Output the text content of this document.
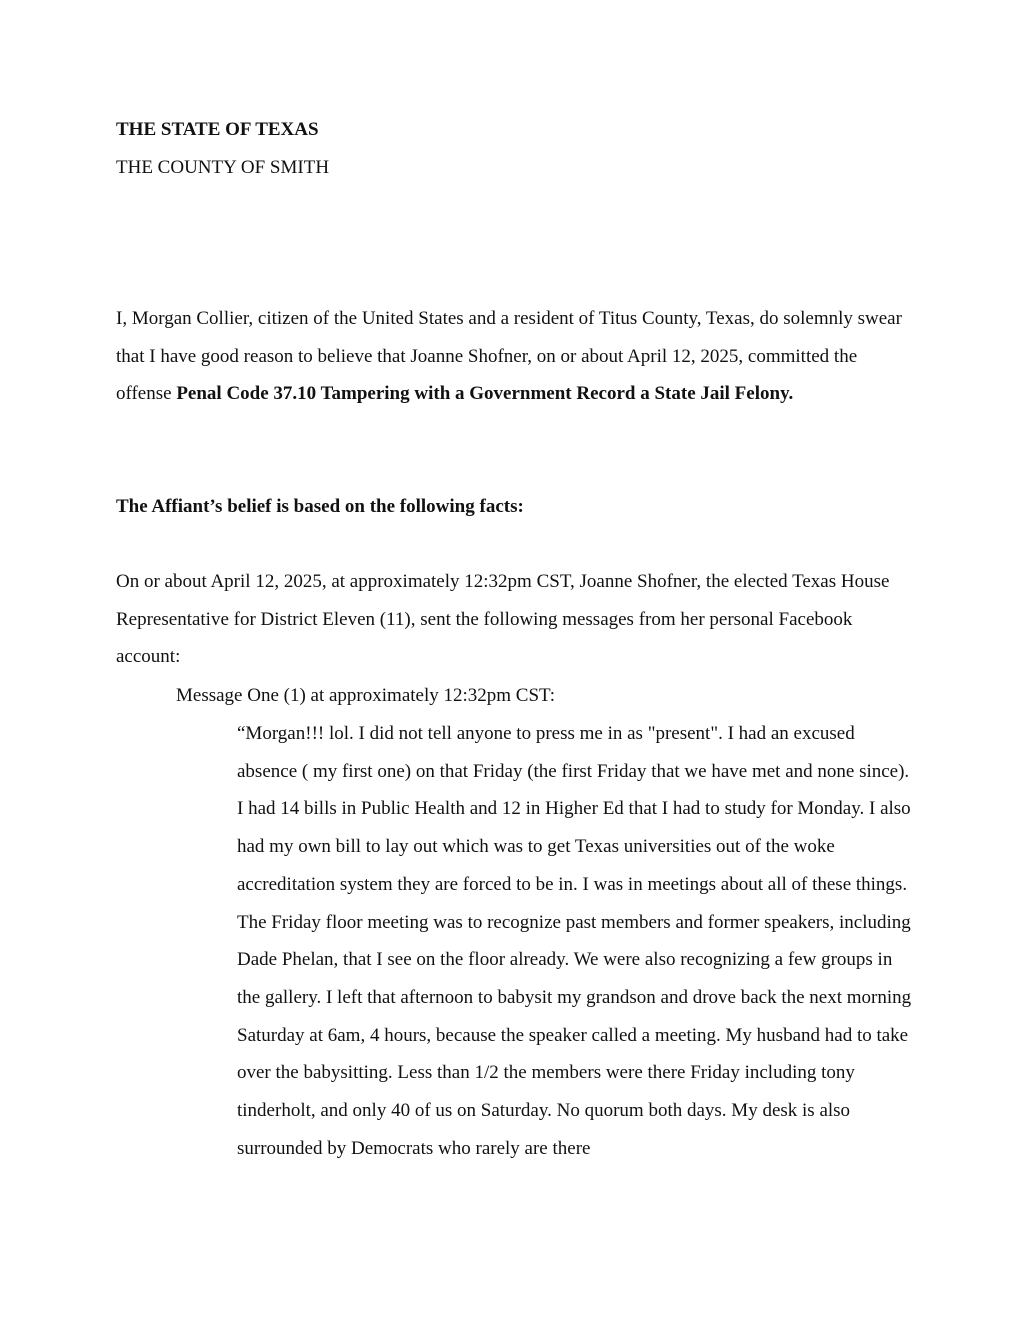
THE STATE OF TEXAS
THE COUNTY OF SMITH
I, Morgan Collier, citizen of the United States and a resident of Titus County, Texas, do solemnly swear that I have good reason to believe that Joanne Shofner, on or about April 12, 2025, committed the offense Penal Code 37.10 Tampering with a Government Record a State Jail Felony.
The Affiant’s belief is based on the following facts:
On or about April 12, 2025, at approximately 12:32pm CST, Joanne Shofner, the elected Texas House Representative for District Eleven (11), sent the following messages from her personal Facebook account:
Message One (1) at approximately 12:32pm CST:

“Morgan!!! lol. I did not tell anyone to press me in as "present". I had an excused absence ( my first one) on that Friday (the first Friday that we have met and none since). I had 14 bills in Public Health and 12 in Higher Ed that I had to study for Monday. I also had my own bill to lay out which was to get Texas universities out of the woke accreditation system they are forced to be in. I was in meetings about all of these things.

The Friday floor meeting was to recognize past members and former speakers, including Dade Phelan, that I see on the floor already. We were also recognizing a few groups in the gallery. I left that afternoon to babysit my grandson and drove back the next morning Saturday at 6am, 4 hours, because the speaker called a meeting. My husband had to take over the babysitting. Less than 1/2 the members were there Friday including tony tinderholt, and only 40 of us on Saturday. No quorum both days. My desk is also surrounded by Democrats who rarely are there
